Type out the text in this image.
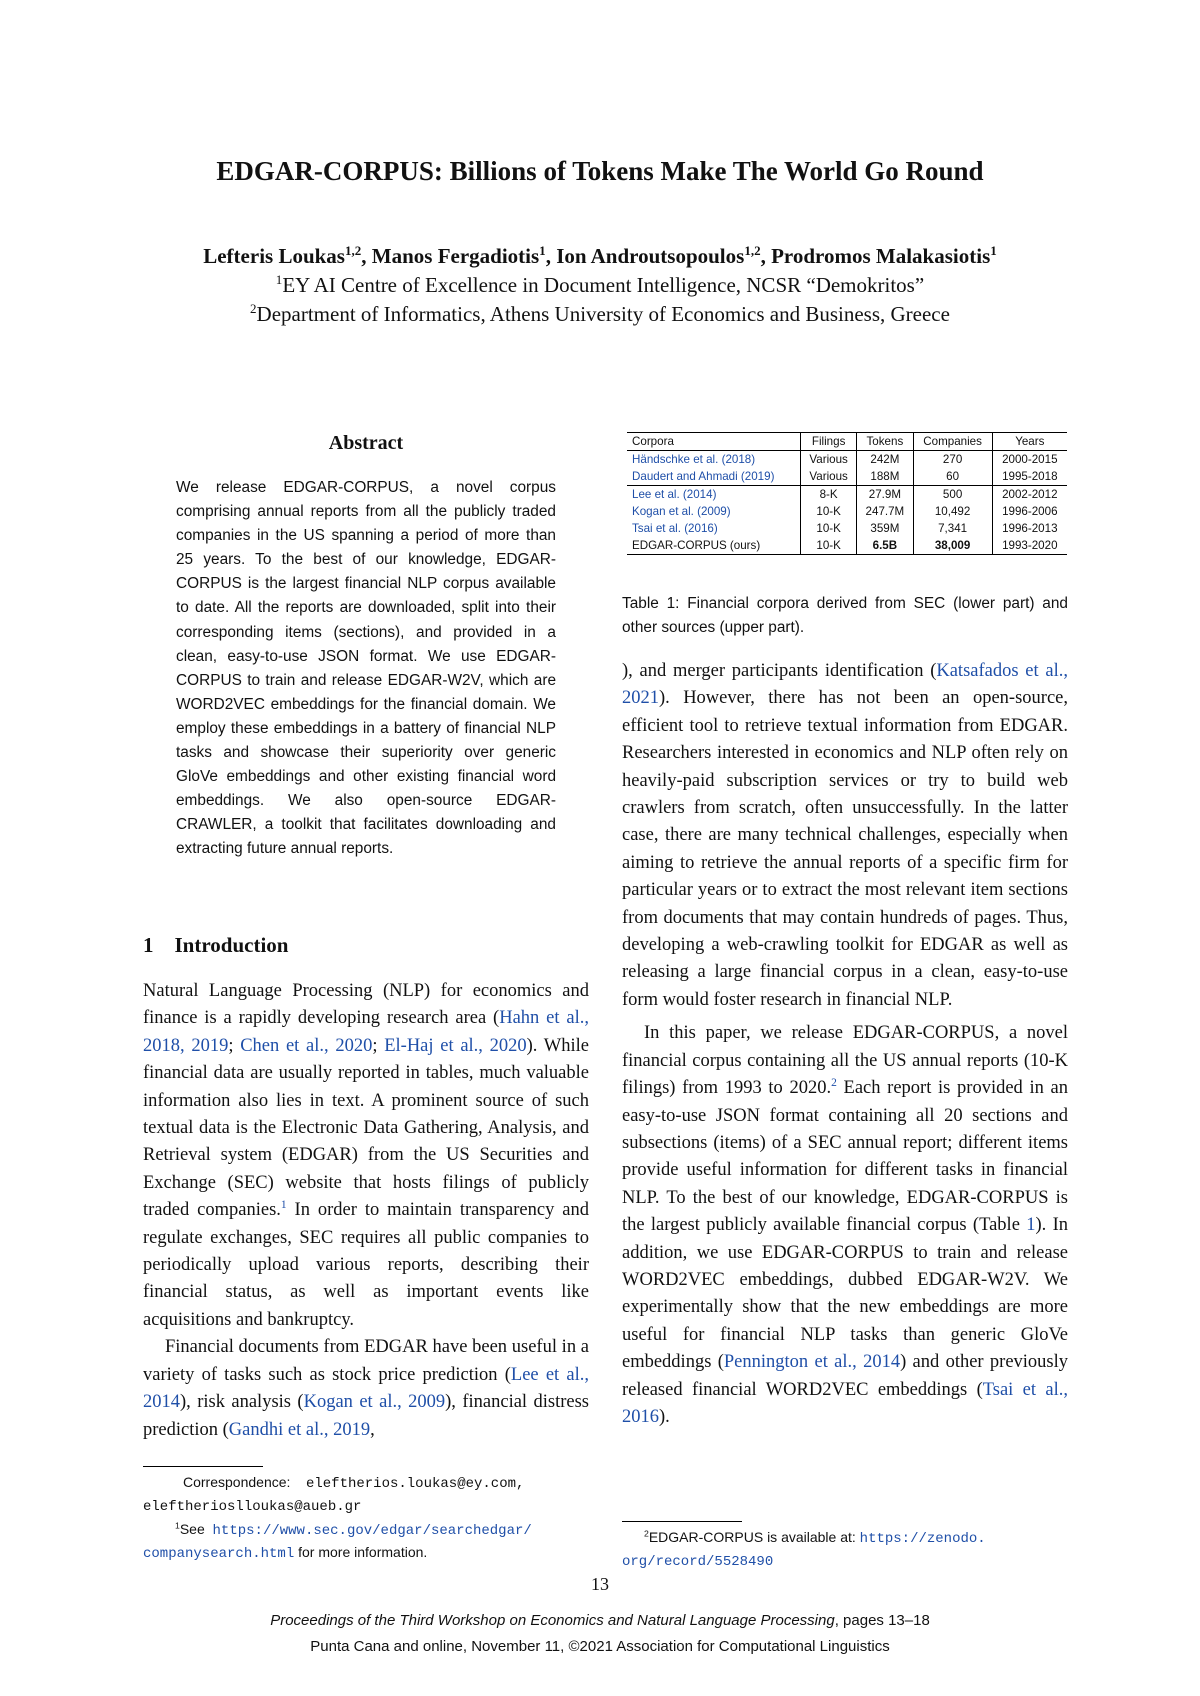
EDGAR-CORPUS: Billions of Tokens Make The World Go Round
Lefteris Loukas$^{1,2}$, Manos Fergadiotis$^1$, Ion Androutsopoulos$^{1,2}$, Prodromos Malakasiotis$^1$
$^1$EY AI Centre of Excellence in Document Intelligence, NCSR “Demokritos”
$^2$Department of Informatics, Athens University of Economics and Business, Greece
Abstract
We release EDGAR-CORPUS, a novel corpus comprising annual reports from all the publicly traded companies in the US spanning a period of more than 25 years. To the best of our knowledge, EDGAR-CORPUS is the largest financial NLP corpus available to date. All the reports are downloaded, split into their corresponding items (sections), and provided in a clean, easy-to-use JSON format. We use EDGAR-CORPUS to train and release EDGAR-W2V, which are WORD2VEC embeddings for the financial domain. We employ these embeddings in a battery of financial NLP tasks and showcase their superiority over generic GloVe embeddings and other existing financial word embeddings. We also open-source EDGAR-CRAWLER, a toolkit that facilitates downloading and extracting future annual reports.
1 Introduction

Natural Language Processing (NLP) for economics and finance is a rapidly developing research area (Hahn et al., 2018, 2019; Chen et al., 2020; El-Haj et al., 2020). While financial data are usually reported in tables, much valuable information also lies in text. A prominent source of such textual data is the Electronic Data Gathering, Analysis, and Retrieval system (EDGAR) from the US Securities and Exchange (SEC) website that hosts filings of publicly traded companies.$^1$ In order to maintain transparency and regulate exchanges, SEC requires all public companies to periodically upload various reports, describing their financial status, as well as important events like acquisitions and bankruptcy.

Financial documents from EDGAR have been useful in a variety of tasks such as stock price prediction (Lee et al., 2014), risk analysis (Kogan et al., 2009), financial distress prediction (Gandhi et al., 2019,

Correspondence: eleftherios.loukas@ey.com,
eleftherioslloukas@aueb.gr
$^1$See  https://www.sec.gov/edgar/searchedgar/
companysearch.html for more information.
Corpora	Filings	Tokens	Companies	Years
Händschke et al. (2018)	Various	242M	270	2000-2015
Daudert and Ahmadi (2019)	Various	188M	60	1995-2018
Lee et al. (2014)	8-K	27.9M	500	2002-2012
Kogan et al. (2009)	10-K	247.7M	10,492	1996-2006
Tsai et al. (2016)	10-K	359M	7,341	1996-2013
EDGAR-CORPUS (ours)	10-K	6.5B	38,009	1993-2020
Table 1: Financial corpora derived from SEC (lower part) and other sources (upper part).

), and merger participants identification (Katsafados et al., 2021). However, there has not been an open-source, efficient tool to retrieve textual information from EDGAR. Researchers interested in economics and NLP often rely on heavily-paid subscription services or try to build web crawlers from scratch, often unsuccessfully. In the latter case, there are many technical challenges, especially when aiming to retrieve the annual reports of a specific firm for particular years or to extract the most relevant item sections from documents that may contain hundreds of pages. Thus, developing a web-crawling toolkit for EDGAR as well as releasing a large financial corpus in a clean, easy-to-use form would foster research in financial NLP.

In this paper, we release EDGAR-CORPUS, a novel financial corpus containing all the US annual reports (10-K filings) from 1993 to 2020.$^2$ Each report is provided in an easy-to-use JSON format containing all 20 sections and subsections (items) of a SEC annual report; different items provide useful information for different tasks in financial NLP. To the best of our knowledge, EDGAR-CORPUS is the largest publicly available financial corpus (Table 1). In addition, we use EDGAR-CORPUS to train and release WORD2VEC embeddings, dubbed EDGAR-W2V. We experimentally show that the new embeddings are more useful for financial NLP tasks than generic GloVe embeddings (Pennington et al., 2014) and other previously released financial WORD2VEC embeddings (Tsai et al., 2016).

$^2$EDGAR-CORPUS is available at: https://zenodo.
org/record/5528490
13
Proceedings of the Third Workshop on Economics and Natural Language Processing, pages 13–18
Punta Cana and online, November 11, ©2021 Association for Computational Linguistics
